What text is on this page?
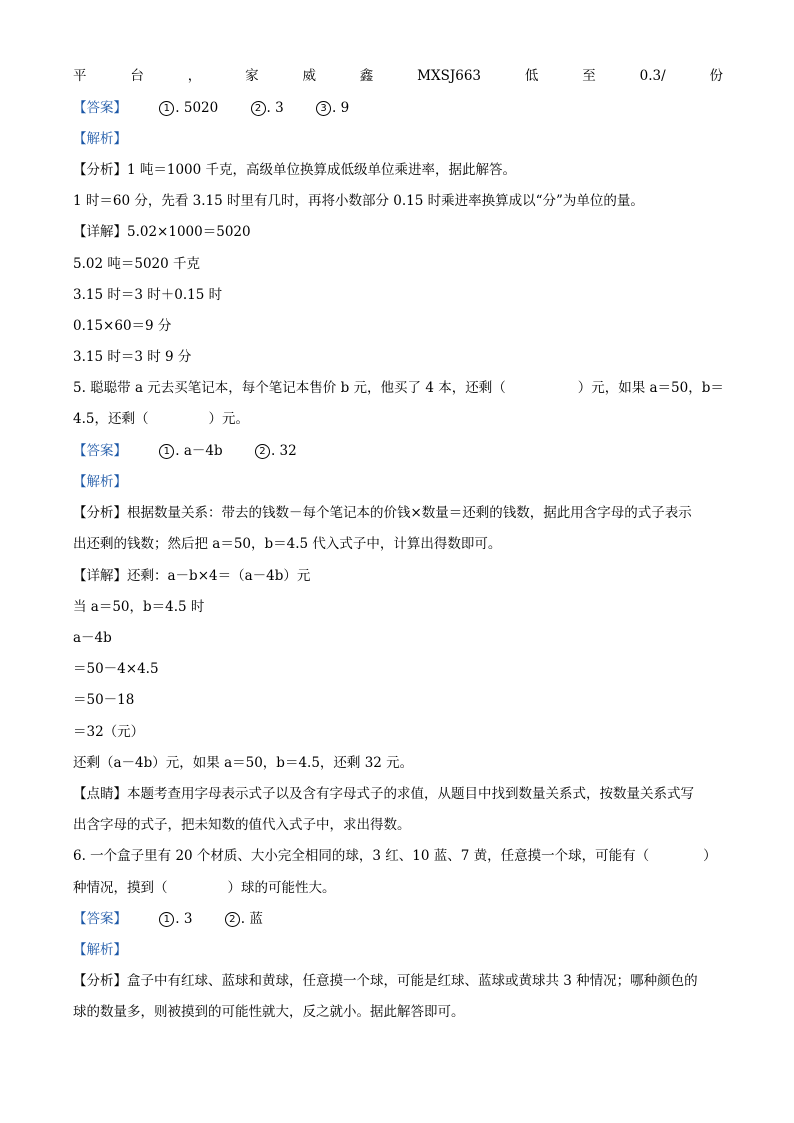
平	台	，	家	威	鑫	MXSJ663	低	至	0.3/	份
【答案】	1 . 5020	2 . 3	3 . 9
【解析】
【分析】1 吨＝1000 千克，高级单位换算成低级单位乘进率，据此解答。
1 时＝60 分，先看 3.15 时里有几时，再将小数部分 0.15 时乘进率换算成以“分”为单位的量。
【详解】5.02×1000＝5020
5.02 吨＝5020 千克
3.15 时＝3 时＋0.15 时
0.15×60＝9 分
3.15 时＝3 时 9 分
5. 聪聪带 a 元去买笔记本，每个笔记本售价 b 元，他买了 4 本，还剩（	）元，如果 a＝50，b＝
4.5，还剩（	）元。
【答案】	1 . a－4b	2 . 32
【解析】
【分析】根据数量关系：带去的钱数－每个笔记本的价钱×数量＝还剩的钱数，据此用含字母的式子表示
出还剩的钱数；然后把 a＝50，b＝4.5 代入式子中，计算出得数即可。
【详解】还剩：a－b×4＝（a－4b）元
当 a＝50，b＝4.5 时
a－4b
＝50－4×4.5
＝50－18
＝32（元）
还剩（a－4b）元，如果 a＝50，b＝4.5，还剩 32 元。
【点睛】本题考查用字母表示式子以及含有字母式子的求值，从题目中找到数量关系式，按数量关系式写
出含字母的式子，把未知数的值代入式子中，求出得数。
6. 一个盒子里有 20 个材质、大小完全相同的球，3 红、10 蓝、7 黄，任意摸一个球，可能有（	）
种情况，摸到（	）球的可能性大。
【答案】	1 . 3	2 . 蓝
【解析】
【分析】盒子中有红球、蓝球和黄球，任意摸一个球，可能是红球、蓝球或黄球共 3 种情况；哪种颜色的
球的数量多，则被摸到的可能性就大，反之就小。据此解答即可。
